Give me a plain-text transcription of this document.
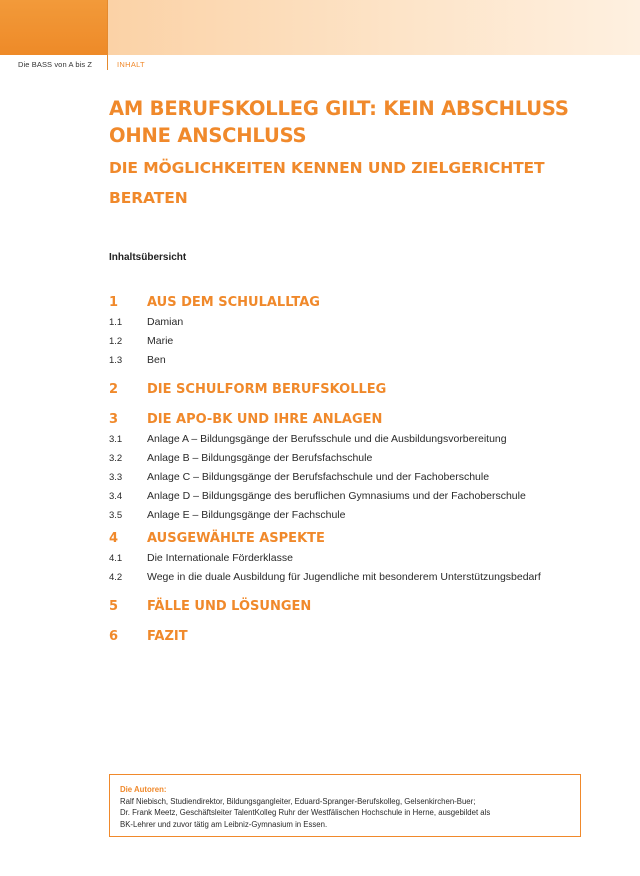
Die BASS von A bis Z	INHALT
AM BERUFSKOLLEG GILT: KEIN ABSCHLUSS OHNE ANSCHLUSS
DIE MÖGLICHKEITEN KENNEN UND ZIELGERICHTET BERATEN
Inhaltsübersicht
1	AUS DEM SCHULALLTAG
1.1	Damian
1.2	Marie
1.3	Ben
2	DIE SCHULFORM BERUFSKOLLEG
3	DIE APO-BK UND IHRE ANLAGEN
3.1	Anlage A – Bildungsgänge der Berufsschule und die Ausbildungsvorbereitung
3.2	Anlage B – Bildungsgänge der Berufsfachschule
3.3	Anlage C – Bildungsgänge der Berufsfachschule und der Fachoberschule
3.4	Anlage D – Bildungsgänge des beruflichen Gymnasiums und der Fachoberschule
3.5	Anlage E – Bildungsgänge der Fachschule
4	AUSGEWÄHLTE ASPEKTE
4.1	Die Internationale Förderklasse
4.2	Wege in die duale Ausbildung für Jugendliche mit besonderem Unterstützungsbedarf
5	FÄLLE UND LÖSUNGEN
6	FAZIT
Die Autoren:
Ralf Niebisch, Studiendirektor, Bildungsgangleiter, Eduard-Spranger-Berufskolleg, Gelsenkirchen-Buer;
Dr. Frank Meetz, Geschäftsleiter TalentKolleg Ruhr der Westfälischen Hochschule in Herne, ausgebildet als
BK-Lehrer und zuvor tätig am Leibniz-Gymnasium in Essen.
